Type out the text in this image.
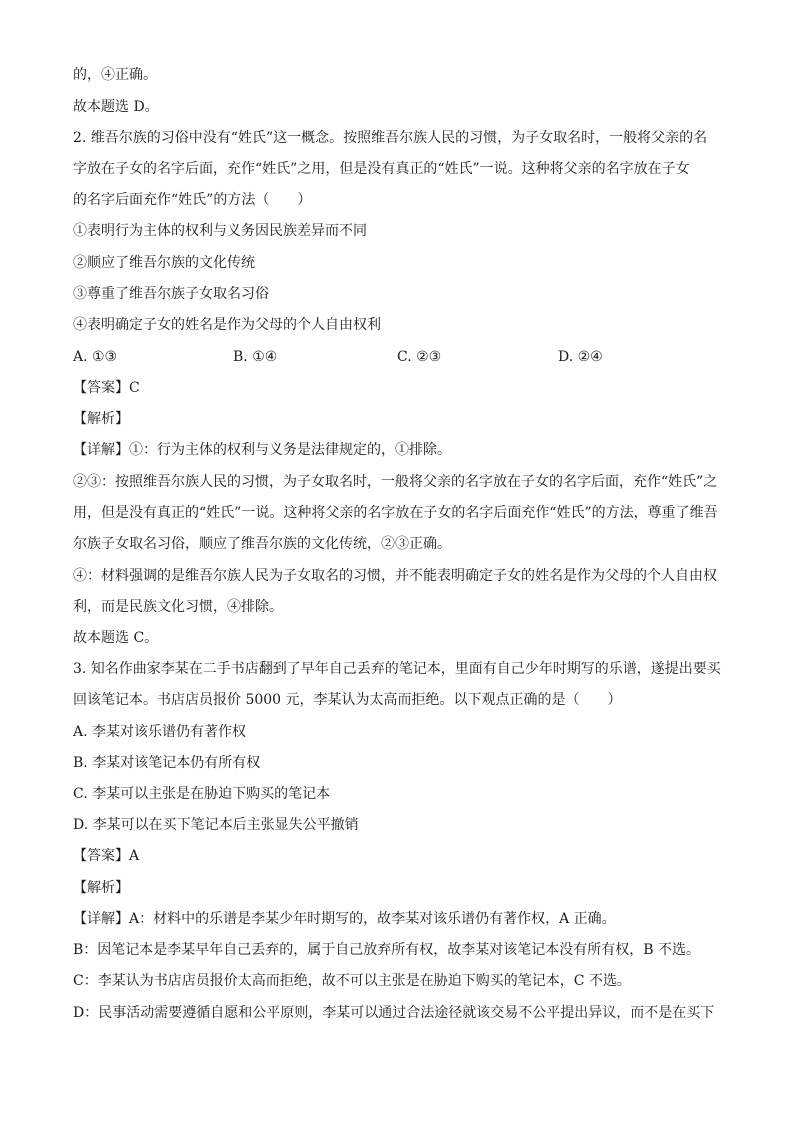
的，④正确。
故本题选 D。
2. 维吾尔族的习俗中没有“姓氏”这一概念。按照维吾尔族人民的习惯，为子女取名时，一般将父亲的名
字放在子女的名字后面，充作“姓氏”之用，但是没有真正的“姓氏”一说。这种将父亲的名字放在子女
的名字后面充作“姓氏”的方法（　　）
①表明行为主体的权利与义务因民族差异而不同
②顺应了维吾尔族的文化传统
③尊重了维吾尔族子女取名习俗
④表明确定子女的姓名是作为父母的个人自由权利
A. ①③	B. ①④	C. ②③	D. ②④
【答案】C
【解析】
【详解】①：行为主体的权利与义务是法律规定的，①排除。
②③：按照维吾尔族人民的习惯，为子女取名时，一般将父亲的名字放在子女的名字后面，充作“姓氏”之
用，但是没有真正的“姓氏”一说。这种将父亲的名字放在子女的名字后面充作“姓氏”的方法，尊重了维吾
尔族子女取名习俗，顺应了维吾尔族的文化传统，②③正确。
④：材料强调的是维吾尔族人民为子女取名的习惯，并不能表明确定子女的姓名是作为父母的个人自由权
利，而是民族文化习惯，④排除。
故本题选 C。
3. 知名作曲家李某在二手书店翻到了早年自己丢弃的笔记本，里面有自己少年时期写的乐谱，遂提出要买
回该笔记本。书店店员报价 5000 元，李某认为太高而拒绝。以下观点正确的是（　　）
A. 李某对该乐谱仍有著作权
B. 李某对该笔记本仍有所有权
C. 李某可以主张是在胁迫下购买的笔记本
D. 李某可以在买下笔记本后主张显失公平撤销
【答案】A
【解析】
【详解】A：材料中的乐谱是李某少年时期写的，故李某对该乐谱仍有著作权，A 正确。
B：因笔记本是李某早年自己丢弃的，属于自己放弃所有权，故李某对该笔记本没有所有权，B 不选。
C：李某认为书店店员报价太高而拒绝，故不可以主张是在胁迫下购买的笔记本，C 不选。
D：民事活动需要遵循自愿和公平原则，李某可以通过合法途径就该交易不公平提出异议，而不是在买下
